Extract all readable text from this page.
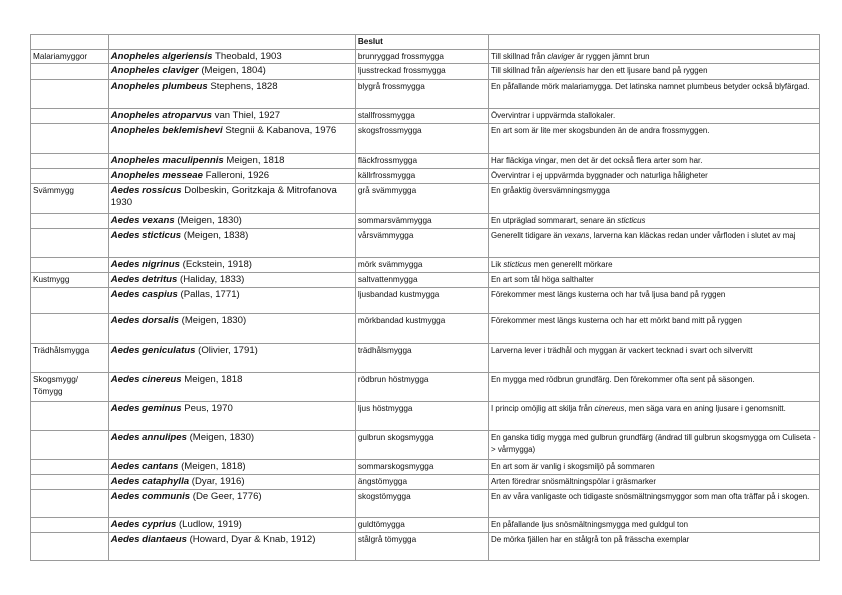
		Beslut	
Malariamyggor	Anopheles algeriensis Theobald, 1903	brunryggad frossmygga	Till skillnad från claviger är ryggen jämnt brun
	Anopheles claviger (Meigen, 1804)	ljusstreckad frossmygga	Till skillnad från algeriensis har den ett ljusare band på ryggen
	Anopheles plumbeus Stephens, 1828	blygrå frossmygga	En påfallande mörk malariamygga. Det latinska namnet plumbeus betyder också blyfärgad.
	Anopheles atroparvus van Thiel, 1927	stallfrossmygga	Övervintrar i uppvärmda stallokaler.
	Anopheles beklemishevi Stegnii & Kabanova, 1976	skogsfrossmygga	En art som är lite mer skogsbunden än de andra frossmyggen.
	Anopheles maculipennis Meigen, 1818	fläckfrossmygga	Har fläckiga vingar, men det är det också flera arter som har.
	Anopheles messeae Falleroni, 1926	källrfrossmygga	Övervintrar i ej uppvärmda byggnader och naturliga håligheter
Svämmygg	Aedes rossicus Dolbeskin, Goritzkaja & Mitrofanova 1930	grå svämmygga	En gråaktig översvämningsmygga
	Aedes vexans (Meigen, 1830)	sommarsvämmygga	En utpräglad sommarart, senare än sticticus
	Aedes sticticus (Meigen, 1838)	vårsvämmygga	Generellt tidigare än vexans, larverna kan kläckas redan under vårfloden i slutet av maj
	Aedes nigrinus (Eckstein, 1918)	mörk svämmygga	Lik sticticus men generellt mörkare
Kustmygg	Aedes detritus (Haliday, 1833)	saltvattenmygga	En art som tål höga salthalter
	Aedes caspius (Pallas, 1771)	ljusbandad kustmygga	Förekommer mest längs kusterna och har två ljusa band på ryggen
	Aedes dorsalis (Meigen, 1830)	mörkbandad kustmygga	Förekommer mest längs kusterna och har ett mörkt band mitt på ryggen
Trädhålsmygga	Aedes geniculatus (Olivier, 1791)	trädhålsmygga	Larverna lever i trädhål och myggan är vackert tecknad i svart och silvervitt
Skogsmygg/ Tömygg	Aedes cinereus Meigen, 1818	rödbrun höstmygga	En mygga med rödbrun grundfärg. Den förekommer ofta sent på säsongen.
	Aedes geminus Peus, 1970	ljus höstmygga	I princip omöjlig att skilja från cinereus, men säga vara en aning ljusare i genomsnitt.
	Aedes annulipes (Meigen, 1830)	gulbrun skogsmygga	En ganska tidig mygga med gulbrun grundfärg (ändrad till gulbrun skogsmygga om Culiseta -> vårmygga)
	Aedes cantans (Meigen, 1818)	sommarskogsmygga	En art som är vanlig i skogsmiljö på sommaren
	Aedes cataphylla (Dyar, 1916)	ängstömygga	Arten föredrar snösmältningspölar i gräsmarker
	Aedes communis (De Geer, 1776)	skogstömygga	En av våra vanligaste och tidigaste snösmältningsmyggor som man ofta träffar på i skogen.
	Aedes cyprius (Ludlow, 1919)	guldtömygga	En påfallande ljus snösmältningsmygga med guldgul ton
	Aedes diantaeus (Howard, Dyar & Knab, 1912)	stålgrå tömygga	De mörka fjällen har en stålgrå ton på frässcha exemplar
